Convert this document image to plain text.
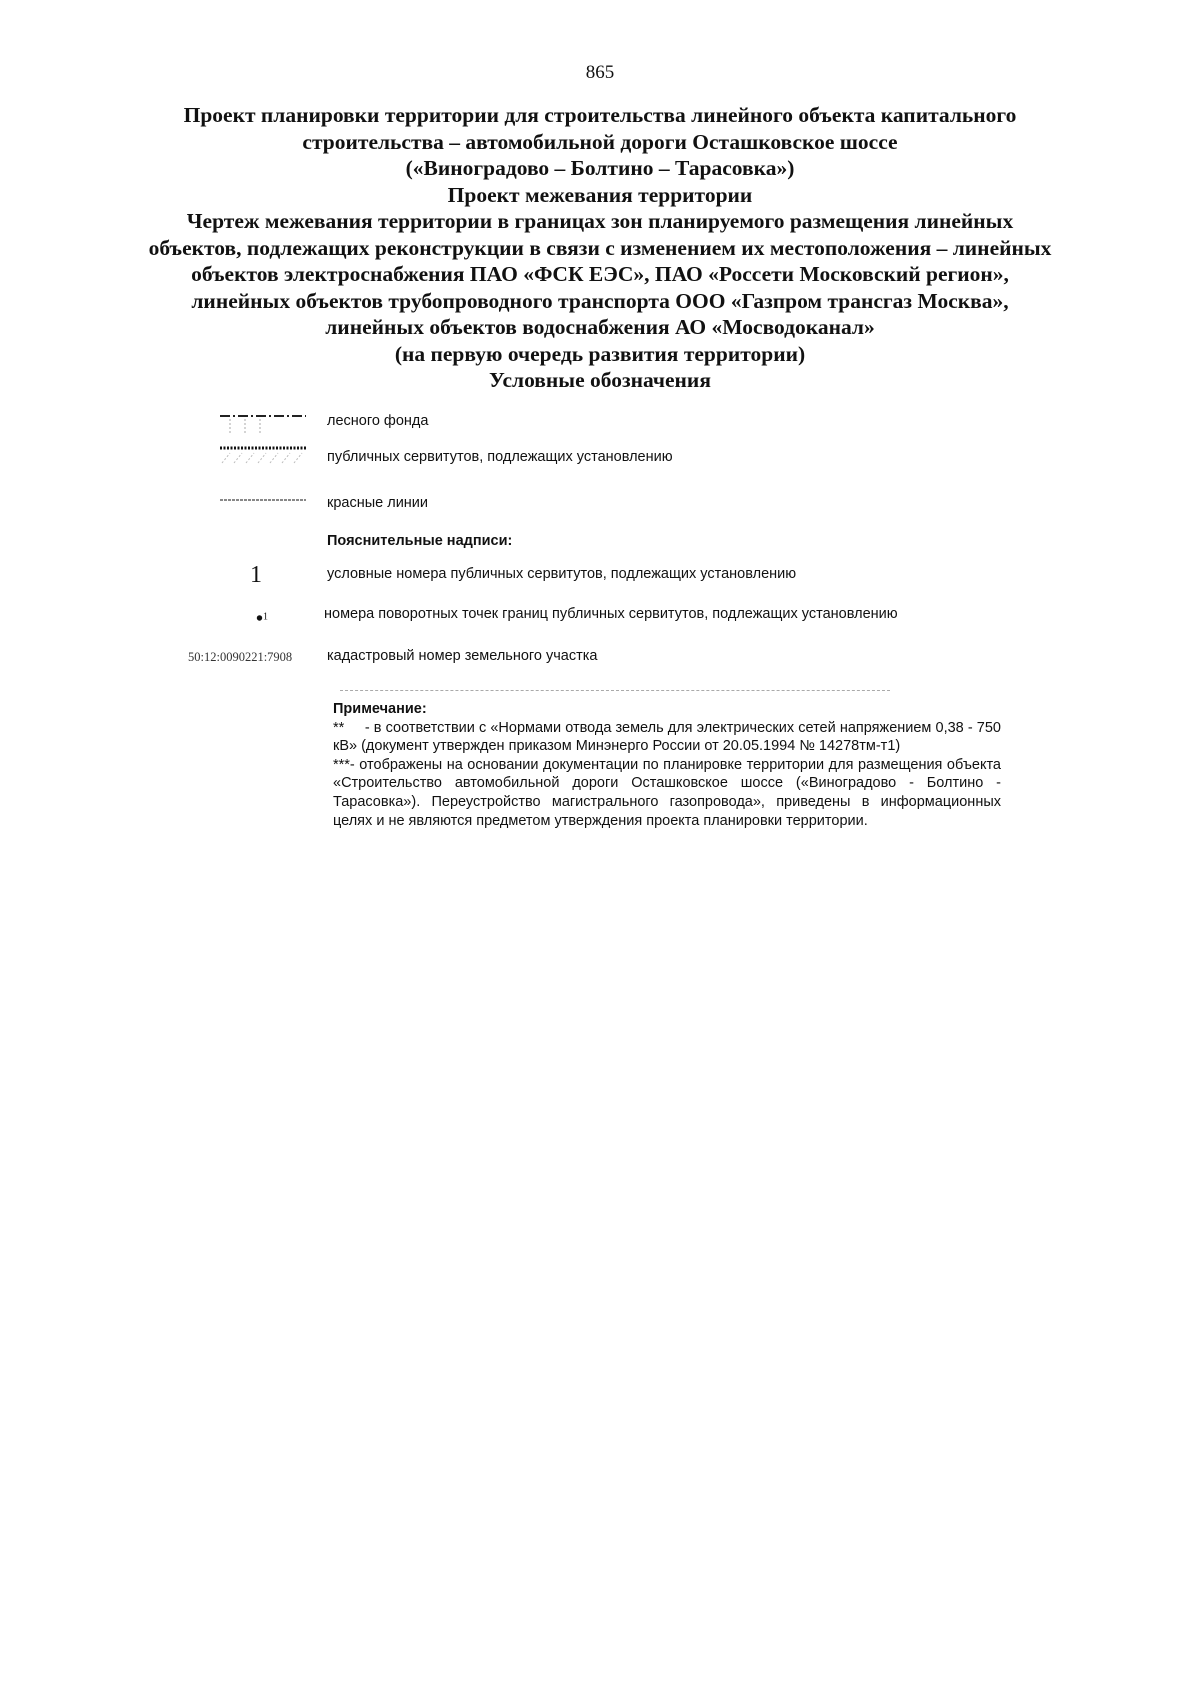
865
Проект планировки территории для строительства линейного объекта капитального
строительства – автомобильной дороги Осташковское шоссе
(«Виноградово – Болтино – Тарасовка»)
Проект межевания территории
Чертеж межевания территории в границах зон планируемого размещения линейных
объектов, подлежащих реконструкции в связи с изменением их местоположения – линейных
объектов электроснабжения ПАО «ФСК ЕЭС», ПАО «Россети Московский регион»,
линейных объектов трубопроводного транспорта ООО «Газпром трансгаз Москва»,
линейных объектов водоснабжения АО «Мосводоканал»
(на первую очередь развития территории)
Условные обозначения
лесного фонда
публичных сервитутов, подлежащих установлению
красные линии
Пояснительные надписи:
1	условные номера публичных сервитутов, подлежащих установлению
•$^1$	номера поворотных точек границ публичных сервитутов, подлежащих установлению
50:12:0090221:7908 кадастровый номер земельного участка
Примечание:

**     - в соответствии с «Нормами отвода земель для электрических сетей напряжением 0,38 - 750 кВ» (документ утвержден приказом Минэнерго России от 20.05.1994 № 14278тм-т1)

***- отображены на основании документации по планировке территории для размещения объекта «Строительство автомобильной дороги Осташковское шоссе («Виноградово - Болтино - Тарасовка»). Переустройство магистрального газопровода», приведены в информационных целях и не являются предметом утверждения проекта планировки территории.
